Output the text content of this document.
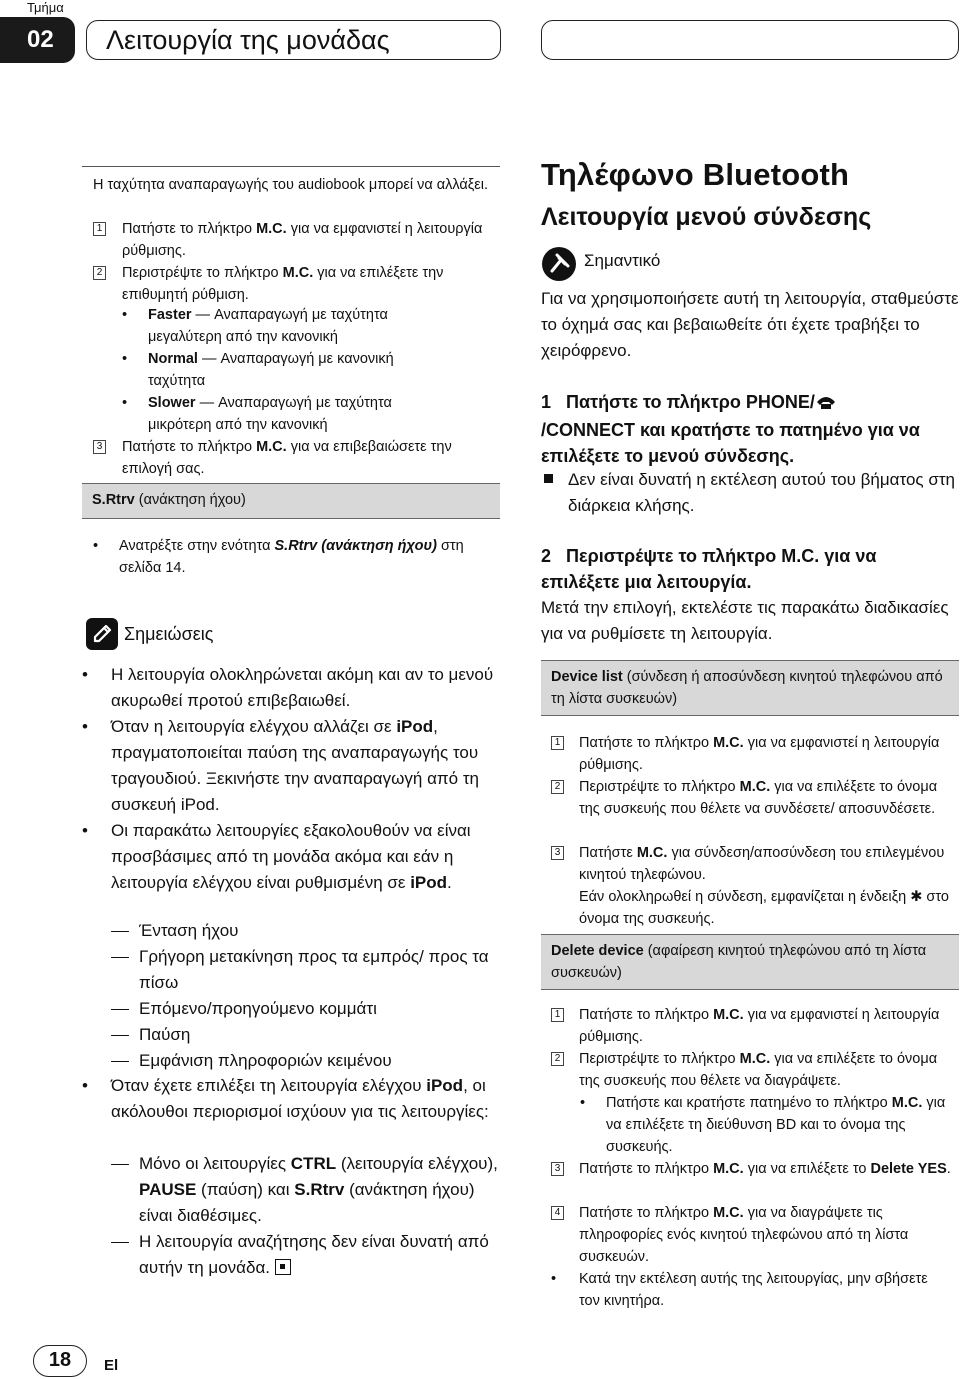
Τμήμα
02	Λειτουργία της μονάδας
Η ταχύτητα αναπαραγωγής του audiobook μπορεί να αλλάξει.
1	Πατήστε το πλήκτρο M.C. για να εμφανιστεί η λειτουργία ρύθμισης.
2	Περιστρέψτε το πλήκτρο M.C. για να επιλέξετε την επιθυμητή ρύθμιση.
•	Faster — Αναπαραγωγή με ταχύτητα μεγαλύτερη από την κανονική
•	Normal — Αναπαραγωγή με κανονική ταχύτητα
•	Slower — Αναπαραγωγή με ταχύτητα μικρότερη από την κανονική
3	Πατήστε το πλήκτρο M.C. για να επιβεβαιώσετε την επιλογή σας.
S.Rtrv (ανάκτηση ήχου)
•	Ανατρέξτε στην ενότητα S.Rtrv (ανάκτηση ήχου) στη σελίδα 14.
Σημειώσεις
•	Η λειτουργία ολοκληρώνεται ακόμη και αν το μενού ακυρωθεί προτού επιβεβαιωθεί.
•	Όταν η λειτουργία ελέγχου αλλάζει σε iPod, πραγματοποιείται παύση της αναπαραγωγής του τραγουδιού. Ξεκινήστε την αναπαραγωγή από τη συσκευή iPod.
•	Οι παρακάτω λειτουργίες εξακολουθούν να είναι προσβάσιμες από τη μονάδα ακόμα και εάν η λειτουργία ελέγχου είναι ρυθμισμένη σε iPod.
Ένταση ήχου
Γρήγορη μετακίνηση προς τα εμπρός/ προς τα πίσω
Επόμενο/προηγούμενο κομμάτι
Παύση
Εμφάνιση πληροφοριών κειμένου
•	Όταν έχετε επιλέξει τη λειτουργία ελέγχου iPod, οι ακόλουθοι περιορισμοί ισχύουν για τις λειτουργίες:
Μόνο οι λειτουργίες CTRL (λειτουργία ελέγχου), PAUSE (παύση) και S.Rtrv (ανάκτηση ήχου) είναι διαθέσιμες.
Η λειτουργία αναζήτησης δεν είναι δυνατή από αυτήν τη μονάδα.
Τηλέφωνο Bluetooth
Λειτουργία μενού σύνδεσης
Σημαντικό
Για να χρησιμοποιήσετε αυτή τη λειτουργία, σταθμεύστε το όχημά σας και βεβαιωθείτε ότι έχετε τραβήξει το χειρόφρενο.
1 Πατήστε το πλήκτρο PHONE/
/CONNECT και κρατήστε το πατημένο για να επιλέξετε το μενού σύνδεσης.
Δεν είναι δυνατή η εκτέλεση αυτού του βήματος στη διάρκεια κλήσης.
2 Περιστρέψτε το πλήκτρο M.C. για να επιλέξετε μια λειτουργία.
Μετά την επιλογή, εκτελέστε τις παρακάτω διαδικασίες για να ρυθμίσετε τη λειτουργία.
Device list (σύνδεση ή αποσύνδεση κινητού τηλεφώνου από τη λίστα συσκευών)
1	Πατήστε το πλήκτρο M.C. για να εμφανιστεί η λειτουργία ρύθμισης.
2	Περιστρέψτε το πλήκτρο M.C. για να επιλέξετε το όνομα της συσκευής που θέλετε να συνδέσετε/ αποσυνδέσετε.
3	Πατήστε M.C. για σύνδεση/αποσύνδεση του επιλεγμένου κινητού τηλεφώνου.
Εάν ολοκληρωθεί η σύνδεση, εμφανίζεται η ένδειξη ✱ στο όνομα της συσκευής.
Delete device (αφαίρεση κινητού τηλεφώνου από τη λίστα συσκευών)
1	Πατήστε το πλήκτρο M.C. για να εμφανιστεί η λειτουργία ρύθμισης.
2	Περιστρέψτε το πλήκτρο M.C. για να επιλέξετε το όνομα της συσκευής που θέλετε να διαγράψετε.
•	Πατήστε και κρατήστε πατημένο το πλήκτρο M.C. για να επιλέξετε τη διεύθυνση BD και το όνομα της συσκευής.
3	Πατήστε το πλήκτρο M.C. για να επιλέξετε το Delete YES.
4	Πατήστε το πλήκτρο M.C. για να διαγράψετε τις πληροφορίες ενός κινητού τηλεφώνου από τη λίστα συσκευών.
•	Κατά την εκτέλεση αυτής της λειτουργίας, μην σβήσετε τον κινητήρα.
18	El
